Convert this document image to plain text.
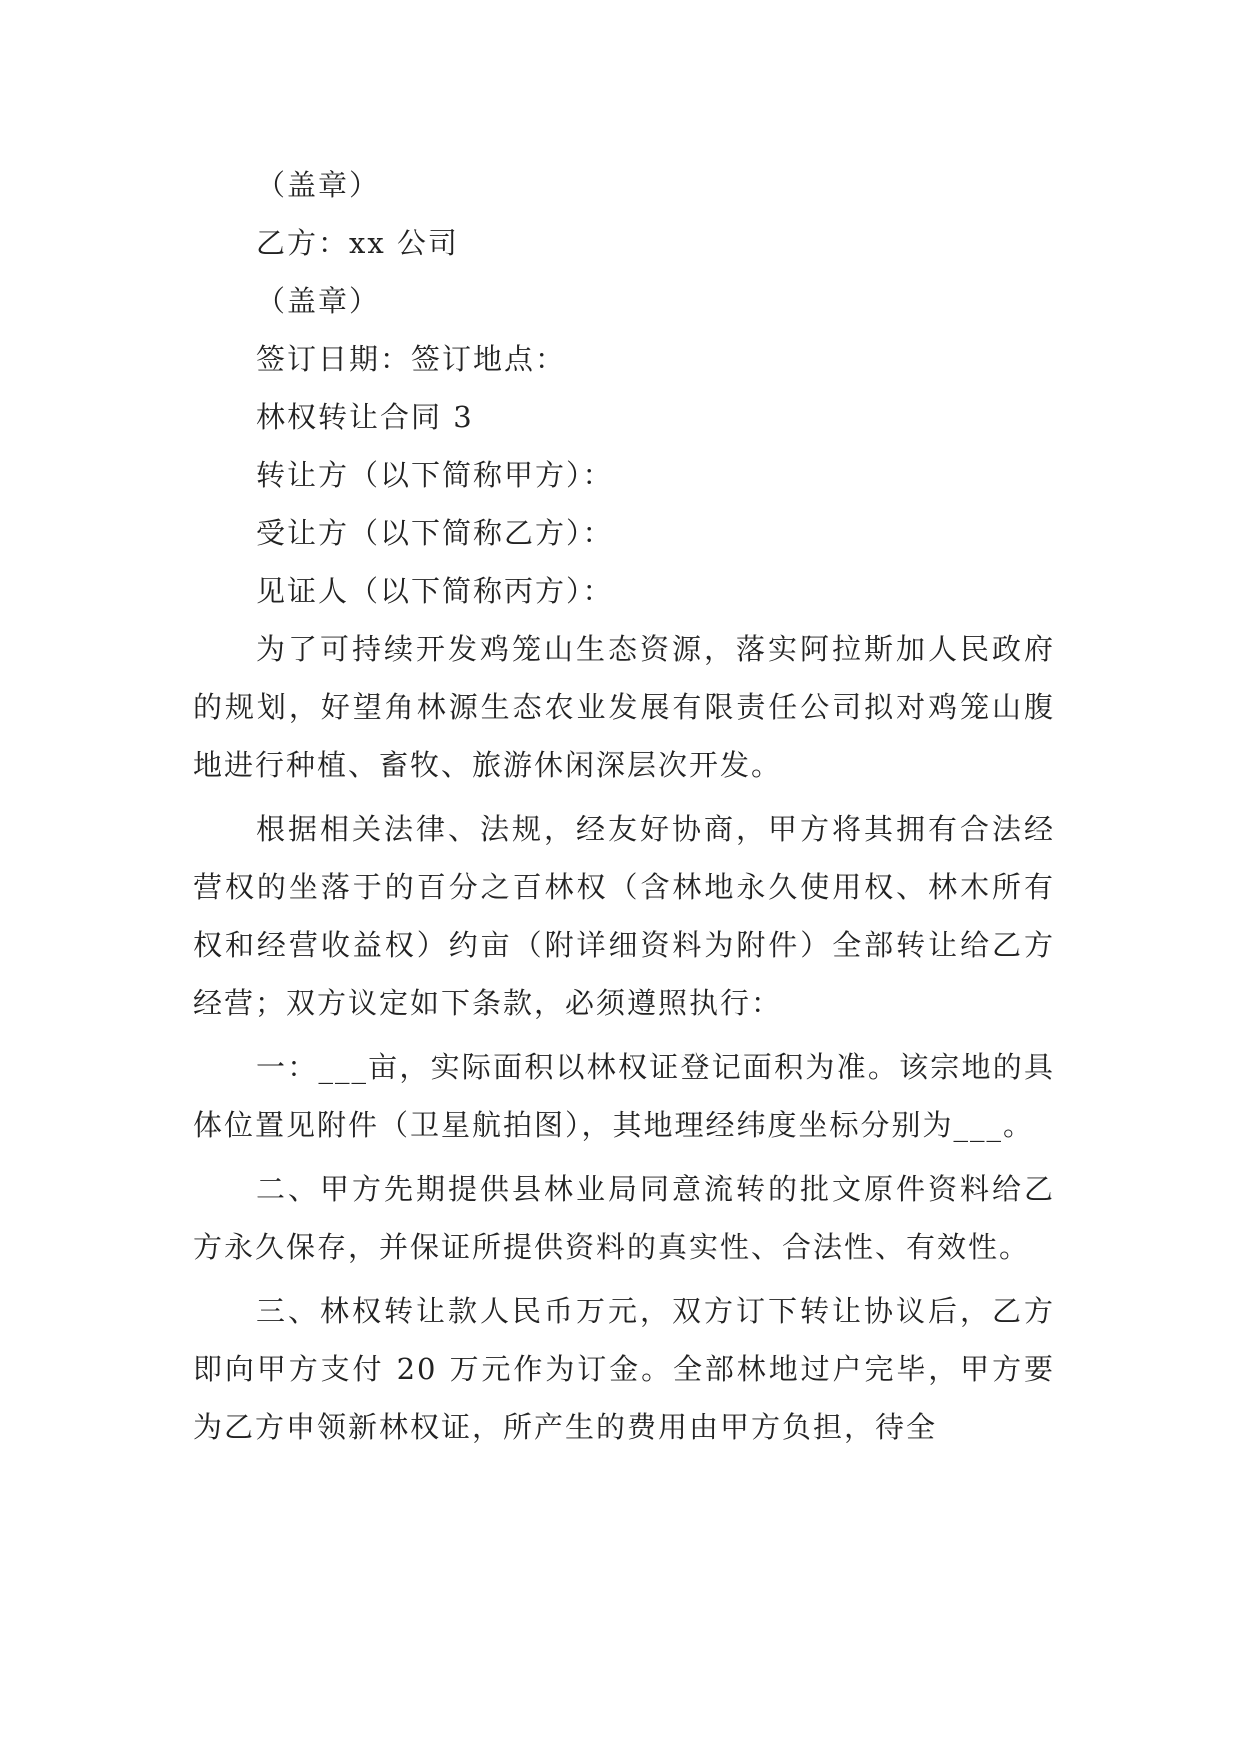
（盖章）

乙方：xx 公司

（盖章）

签订日期：签订地点：

林权转让合同 3

转让方（以下简称甲方）：

受让方（以下简称乙方）：

见证人（以下简称丙方）：

为了可持续开发鸡笼山生态资源，落实阿拉斯加人民政府的规划，好望角林源生态农业发展有限责任公司拟对鸡笼山腹地进行种植、畜牧、旅游休闲深层次开发。

根据相关法律、法规，经友好协商，甲方将其拥有合法经营权的坐落于的百分之百林权（含林地永久使用权、林木所有权和经营收益权）约亩（附详细资料为附件）全部转让给乙方经营；双方议定如下条款，必须遵照执行：

一：___亩，实际面积以林权证登记面积为准。该宗地的具体位置见附件（卫星航拍图），其地理经纬度坐标分别为___。

二、甲方先期提供县林业局同意流转的批文原件资料给乙方永久保存，并保证所提供资料的真实性、合法性、有效性。

三、林权转让款人民币万元，双方订下转让协议后，乙方即向甲方支付 20 万元作为订金。全部林地过户完毕，甲方要为乙方申领新林权证，所产生的费用由甲方负担，待全
